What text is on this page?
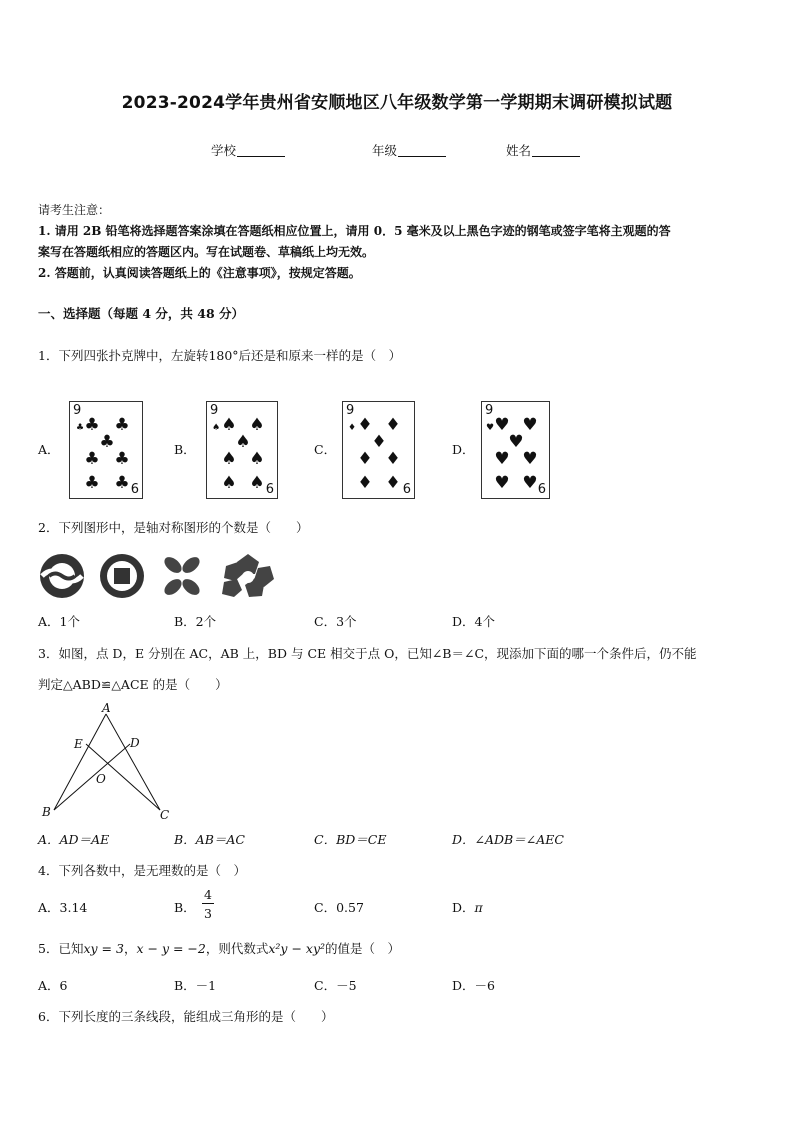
2023-2024学年贵州省安顺地区八年级数学第一学期期末调研模拟试题
学校	年级	姓名
请考生注意：
1. 请用 2B 铅笔将选择题答案涂填在答题纸相应位置上，请用 0．5 毫米及以上黑色字迹的钢笔或签字笔将主观题的答
案写在答题纸相应的答题区内。写在试题卷、草稿纸上均无效。
2. 答题前，认真阅读答题纸上的《注意事项》，按规定答题。
一、选择题（每题 4 分，共 48 分）
1．下列四张扑克牌中，左旋转180°后还是和原来一样的是（　）
A．	B．	C．	D．
9
6
♣ ♣
♣
♣ ♣
♣ ♣
♣
9
6
♠ ♠
♠
♠ ♠
♠ ♠
♠
9
6
♦ ♦
♦
♦ ♦
♦ ♦
♦
9
6
♥ ♥
♥
♥ ♥
♥ ♥
♥
2．下列图形中，是轴对称图形的个数是（　　）
A．1个	B．2个	C．3个	D．4个
3．如图，点 D，E 分别在 AC，AB 上，BD 与 CE 相交于点 O，已知∠B＝∠C，现添加下面的哪一个条件后，仍不能
判定△ABD≌△ACE 的是（　　）
A
E	D
O
B	C
A．AD＝AE	B．AB＝AC	C．BD＝CE	D．∠ADB＝∠AEC
4．下列各数中，是无理数的是（　）
A．3.14	B．
4
3	C．0.57	D．π
5．已知xy = 3，x − y = −2，则代数式x²y − xy²的值是（　）
A．6	B．－1	C．－5	D．－6
6．下列长度的三条线段，能组成三角形的是（　　）
